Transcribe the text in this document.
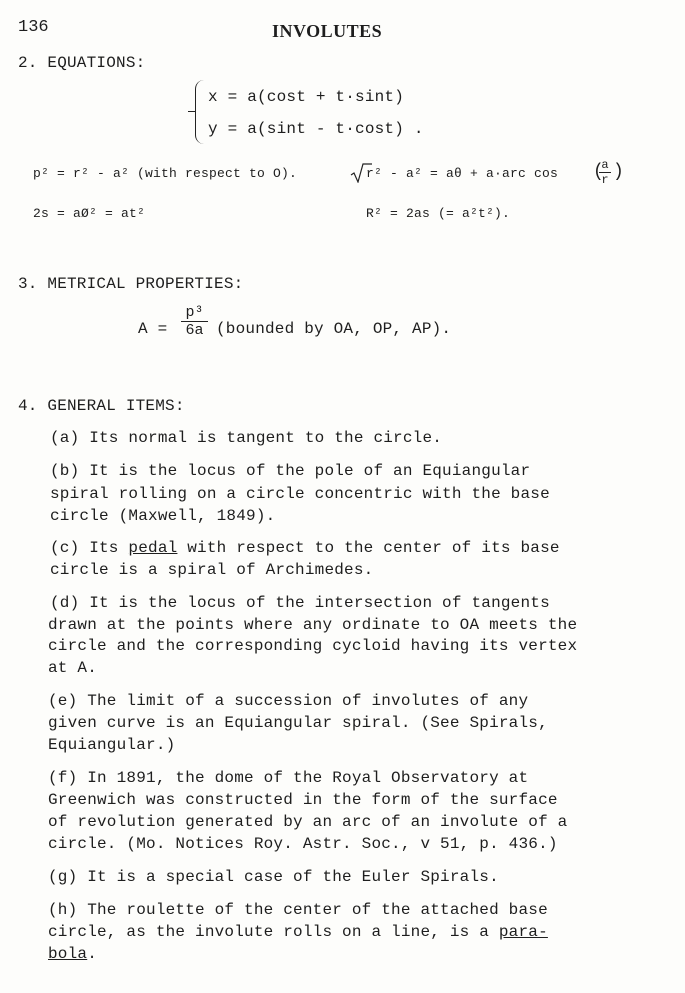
136	INVOLUTES
2. EQUATIONS:
x = a(cost + t·sint)
y = a(sint - t·cost) .
p² = r² - a² (with respect to O).	r² - a² = aθ + a·arc cos
a
r
( )
2s = aØ² = at²	R² = 2as (= a²t²).
3. METRICAL PROPERTIES:
A =
p³
6a (bounded by OA, OP, AP).
4. GENERAL ITEMS:
(a) Its normal is tangent to the circle.
(b) It is the locus of the pole of an Equiangular
spiral rolling on a circle concentric with the base
circle (Maxwell, 1849).
(c) Its pedal with respect to the center of its base
circle is a spiral of Archimedes.
(d) It is the locus of the intersection of tangents
drawn at the points where any ordinate to OA meets the
circle and the corresponding cycloid having its vertex
at A.
(e) The limit of a succession of involutes of any
given curve is an Equiangular spiral. (See Spirals,
Equiangular.)
(f) In 1891, the dome of the Royal Observatory at
Greenwich was constructed in the form of the surface
of revolution generated by an arc of an involute of a
circle. (Mo. Notices Roy. Astr. Soc., v 51, p. 436.)
(g) It is a special case of the Euler Spirals.
(h) The roulette of the center of the attached base
circle, as the involute rolls on a line, is a para-
bola.
